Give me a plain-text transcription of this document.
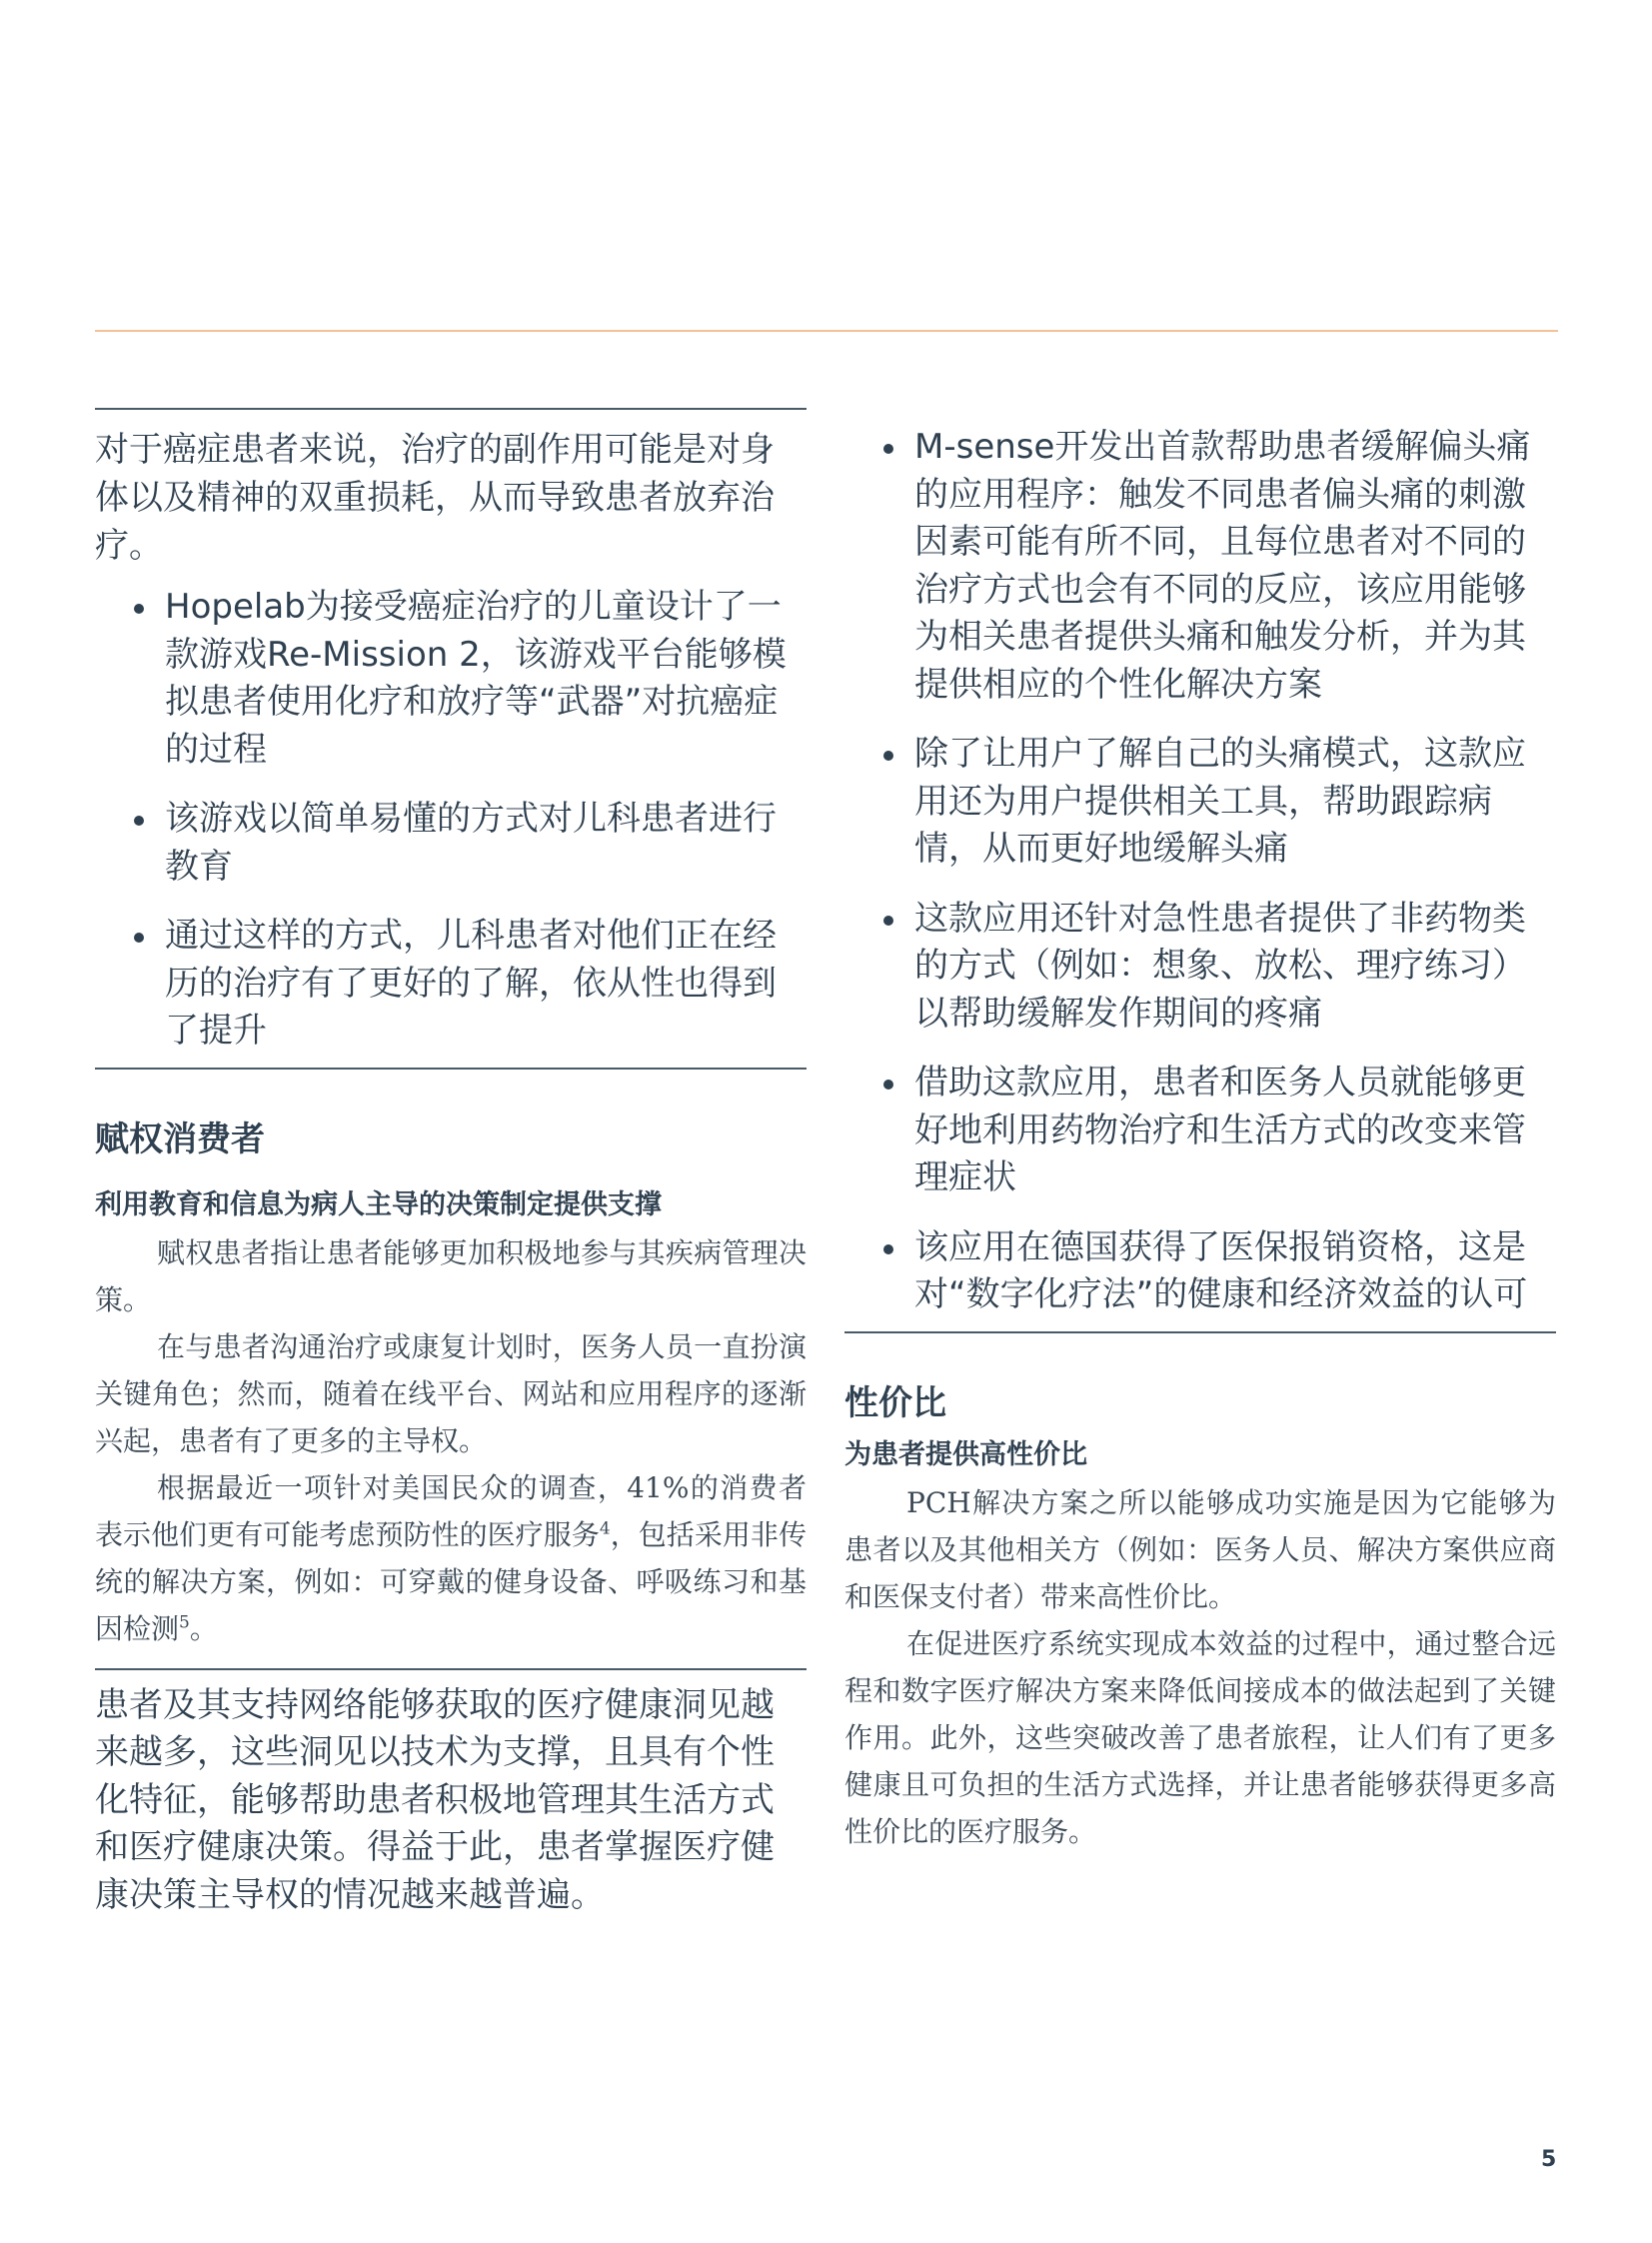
对于癌症患者来说，治疗的副作用可能是对身体以及精神的双重损耗，从而导致患者放弃治疗。

Hopelab为接受癌症治疗的儿童设计了一款游戏Re-Mission 2，该游戏平台能够模拟患者使用化疗和放疗等“武器”对抗癌症的过程
该游戏以简单易懂的方式对儿科患者进行教育
通过这样的方式，儿科患者对他们正在经历的治疗有了更好的了解，依从性也得到了提升
赋权消费者
利用教育和信息为病人主导的决策制定提供支撑

赋权患者指让患者能够更加积极地参与其疾病管理决策。

在与患者沟通治疗或康复计划时，医务人员一直扮演关键角色；然而，随着在线平台、网站和应用程序的逐渐兴起，患者有了更多的主导权。

根据最近一项针对美国民众的调查，41%的消费者表示他们更有可能考虑预防性的医疗服务$^4$，包括采用非传统的解决方案，例如：可穿戴的健身设备、呼吸练习和基因检测$^5$。

患者及其支持网络能够获取的医疗健康洞见越来越多，这些洞见以技术为支撑，且具有个性化特征，能够帮助患者积极地管理其生活方式和医疗健康决策。得益于此，患者掌握医疗健康决策主导权的情况越来越普遍。

M-sense开发出首款帮助患者缓解偏头痛的应用程序：触发不同患者偏头痛的刺激因素可能有所不同，且每位患者对不同的治疗方式也会有不同的反应，该应用能够为相关患者提供头痛和触发分析，并为其提供相应的个性化解决方案
除了让用户了解自己的头痛模式，这款应用还为用户提供相关工具，帮助跟踪病情，从而更好地缓解头痛
这款应用还针对急性患者提供了非药物类的方式（例如：想象、放松、理疗练习）以帮助缓解发作期间的疼痛
借助这款应用，患者和医务人员就能够更好地利用药物治疗和生活方式的改变来管理症状
该应用在德国获得了医保报销资格，这是对“数字化疗法”的健康和经济效益的认可
性价比
为患者提供高性价比

PCH解决方案之所以能够成功实施是因为它能够为患者以及其他相关方（例如：医务人员、解决方案供应商和医保支付者）带来高性价比。

在促进医疗系统实现成本效益的过程中，通过整合远程和数字医疗解决方案来降低间接成本的做法起到了关键作用。此外，这些突破改善了患者旅程，让人们有了更多健康且可负担的生活方式选择，并让患者能够获得更多高性价比的医疗服务。

5
